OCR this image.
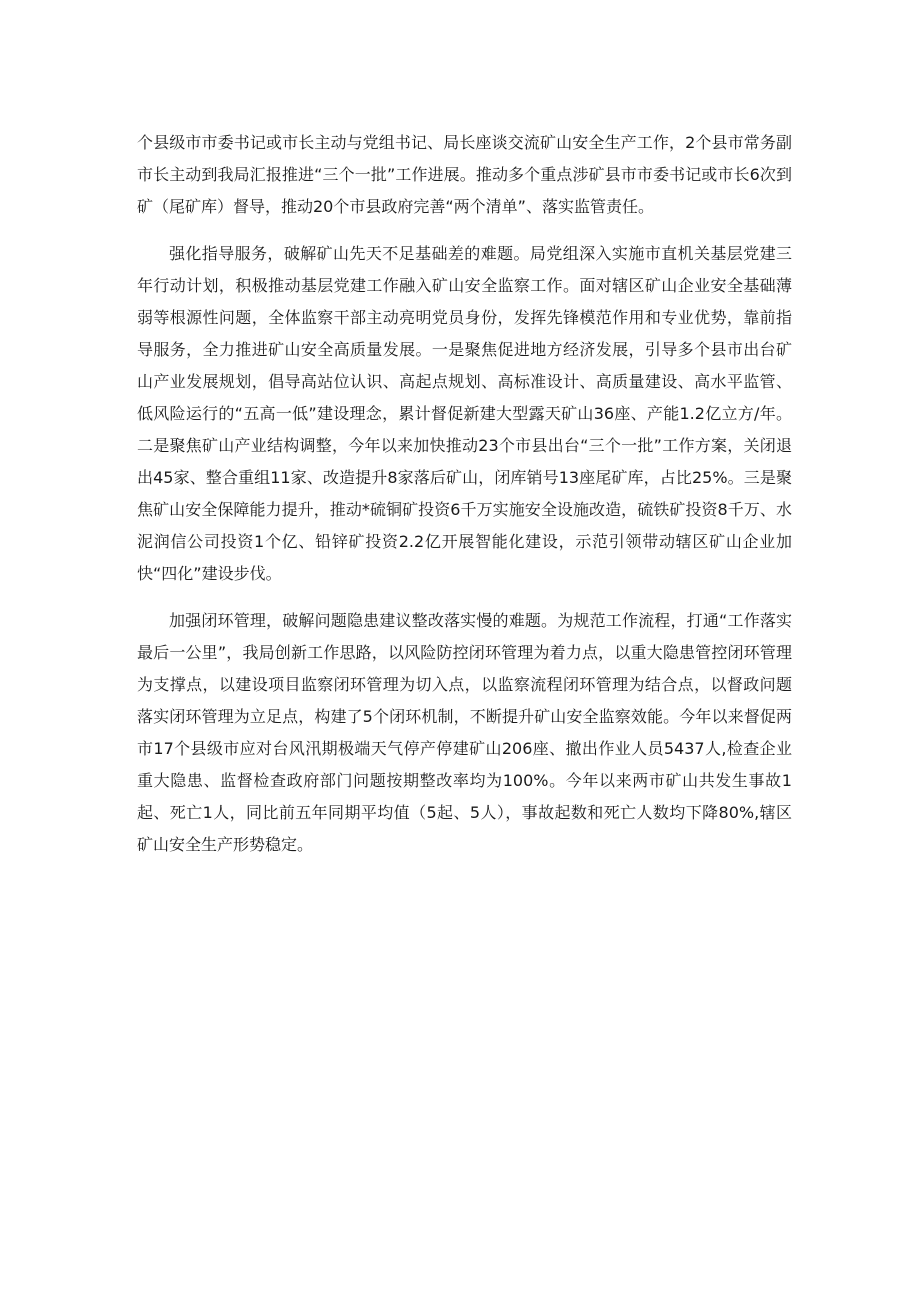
个县级市市委书记或市长主动与党组书记、局长座谈交流矿山安全生产工作，2个县市常务副市长主动到我局汇报推进“三个一批”工作进展。推动多个重点涉矿县市市委书记或市长6次到矿（尾矿库）督导，推动20个市县政府完善“两个清单”、落实监管责任。

强化指导服务，破解矿山先天不足基础差的难题。局党组深入实施市直机关基层党建三年行动计划，积极推动基层党建工作融入矿山安全监察工作。面对辖区矿山企业安全基础薄弱等根源性问题，全体监察干部主动亮明党员身份，发挥先锋模范作用和专业优势，靠前指导服务，全力推进矿山安全高质量发展。一是聚焦促进地方经济发展，引导多个县市出台矿山产业发展规划，倡导高站位认识、高起点规划、高标准设计、高质量建设、高水平监管、低风险运行的“五高一低”建设理念，累计督促新建大型露天矿山36座、产能1.2亿立方/年。二是聚焦矿山产业结构调整，今年以来加快推动23个市县出台“三个一批”工作方案，关闭退出45家、整合重组11家、改造提升8家落后矿山，闭库销号13座尾矿库，占比25%。三是聚焦矿山安全保障能力提升，推动*硫铜矿投资6千万实施安全设施改造，硫铁矿投资8千万、水泥润信公司投资1个亿、铅锌矿投资2.2亿开展智能化建设，示范引领带动辖区矿山企业加快“四化”建设步伐。

加强闭环管理，破解问题隐患建议整改落实慢的难题。为规范工作流程，打通“工作落实最后一公里”，我局创新工作思路，以风险防控闭环管理为着力点，以重大隐患管控闭环管理为支撑点，以建设项目监察闭环管理为切入点，以监察流程闭环管理为结合点，以督政问题落实闭环管理为立足点，构建了5个闭环机制，不断提升矿山安全监察效能。今年以来督促两市17个县级市应对台风汛期极端天气停产停建矿山206座、撤出作业人员5437人,检查企业重大隐患、监督检查政府部门问题按期整改率均为100%。今年以来两市矿山共发生事故1起、死亡1人，同比前五年同期平均值（5起、5人），事故起数和死亡人数均下降80%,辖区矿山安全生产形势稳定。
